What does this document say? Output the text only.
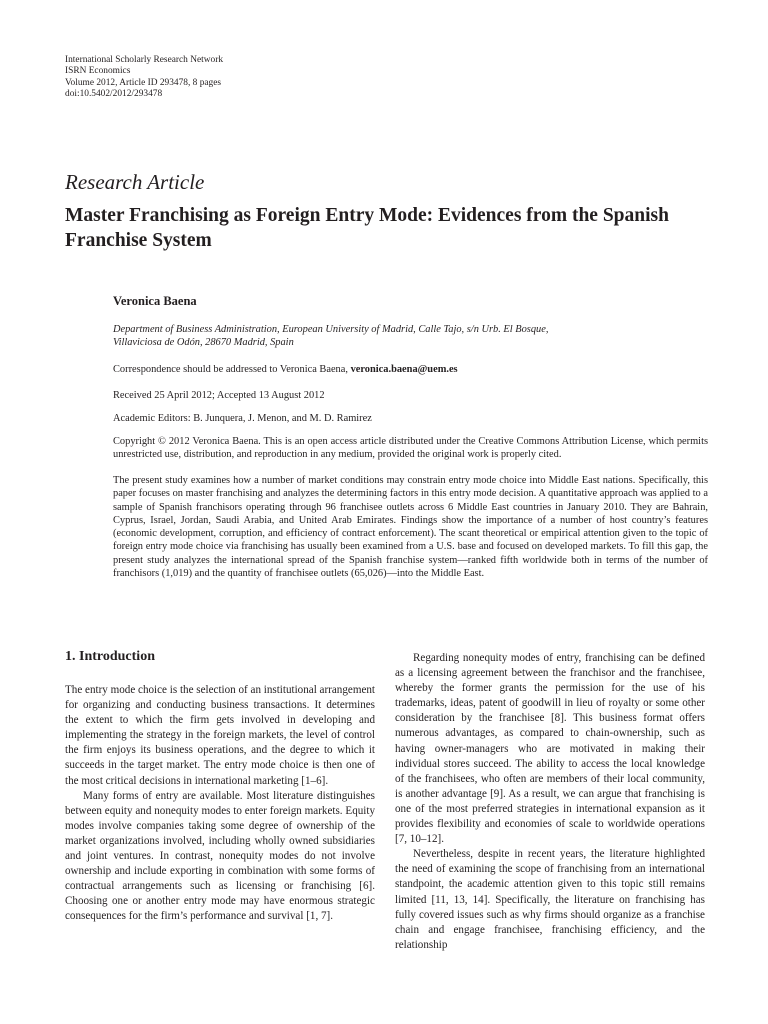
International Scholarly Research Network
ISRN Economics
Volume 2012, Article ID 293478, 8 pages
doi:10.5402/2012/293478
Research Article
Master Franchising as Foreign Entry Mode: Evidences from the Spanish Franchise System
Veronica Baena
Department of Business Administration, European University of Madrid, Calle Tajo, s/n Urb. El Bosque,
Villaviciosa de Odón, 28670 Madrid, Spain
Correspondence should be addressed to Veronica Baena, veronica.baena@uem.es
Received 25 April 2012; Accepted 13 August 2012
Academic Editors: B. Junquera, J. Menon, and M. D. Ramirez
Copyright © 2012 Veronica Baena. This is an open access article distributed under the Creative Commons Attribution License, which permits unrestricted use, distribution, and reproduction in any medium, provided the original work is properly cited.
The present study examines how a number of market conditions may constrain entry mode choice into Middle East nations. Specifically, this paper focuses on master franchising and analyzes the determining factors in this entry mode decision. A quantitative approach was applied to a sample of Spanish franchisors operating through 96 franchisee outlets across 6 Middle East countries in January 2010. They are Bahrain, Cyprus, Israel, Jordan, Saudi Arabia, and United Arab Emirates. Findings show the importance of a number of host country’s features (economic development, corruption, and efficiency of contract enforcement). The scant theoretical or empirical attention given to the topic of foreign entry mode choice via franchising has usually been examined from a U.S. base and focused on developed markets. To fill this gap, the present study analyzes the international spread of the Spanish franchise system—ranked fifth worldwide both in terms of the number of franchisors (1,019) and the quantity of franchisee outlets (65,026)—into the Middle East.
1. Introduction

The entry mode choice is the selection of an institutional arrangement for organizing and conducting business transactions. It determines the extent to which the firm gets involved in developing and implementing the strategy in the foreign markets, the level of control the firm enjoys its business operations, and the degree to which it succeeds in the target market. The entry mode choice is then one of the most critical decisions in international marketing [1–6].

Many forms of entry are available. Most literature distinguishes between equity and nonequity modes to enter foreign markets. Equity modes involve companies taking some degree of ownership of the market organizations involved, including wholly owned subsidiaries and joint ventures. In contrast, nonequity modes do not involve ownership and include exporting in combination with some forms of contractual arrangements such as licensing or franchising [6]. Choosing one or another entry mode may have enormous strategic consequences for the firm’s performance and survival [1, 7].

Regarding nonequity modes of entry, franchising can be defined as a licensing agreement between the franchisor and the franchisee, whereby the former grants the permission for the use of his trademarks, ideas, patent of goodwill in lieu of royalty or some other consideration by the franchisee [8]. This business format offers numerous advantages, as compared to chain-ownership, such as having owner-managers who are motivated in making their individual stores succeed. The ability to access the local knowledge of the franchisees, who often are members of their local community, is another advantage [9]. As a result, we can argue that franchising is one of the most preferred strategies in international expansion as it provides flexibility and economies of scale to worldwide operations [7, 10–12].

Nevertheless, despite in recent years, the literature highlighted the need of examining the scope of franchising from an international standpoint, the academic attention given to this topic still remains limited [11, 13, 14]. Specifically, the literature on franchising has fully covered issues such as why firms should organize as a franchise chain and engage franchisee, franchising efficiency, and the relationship
